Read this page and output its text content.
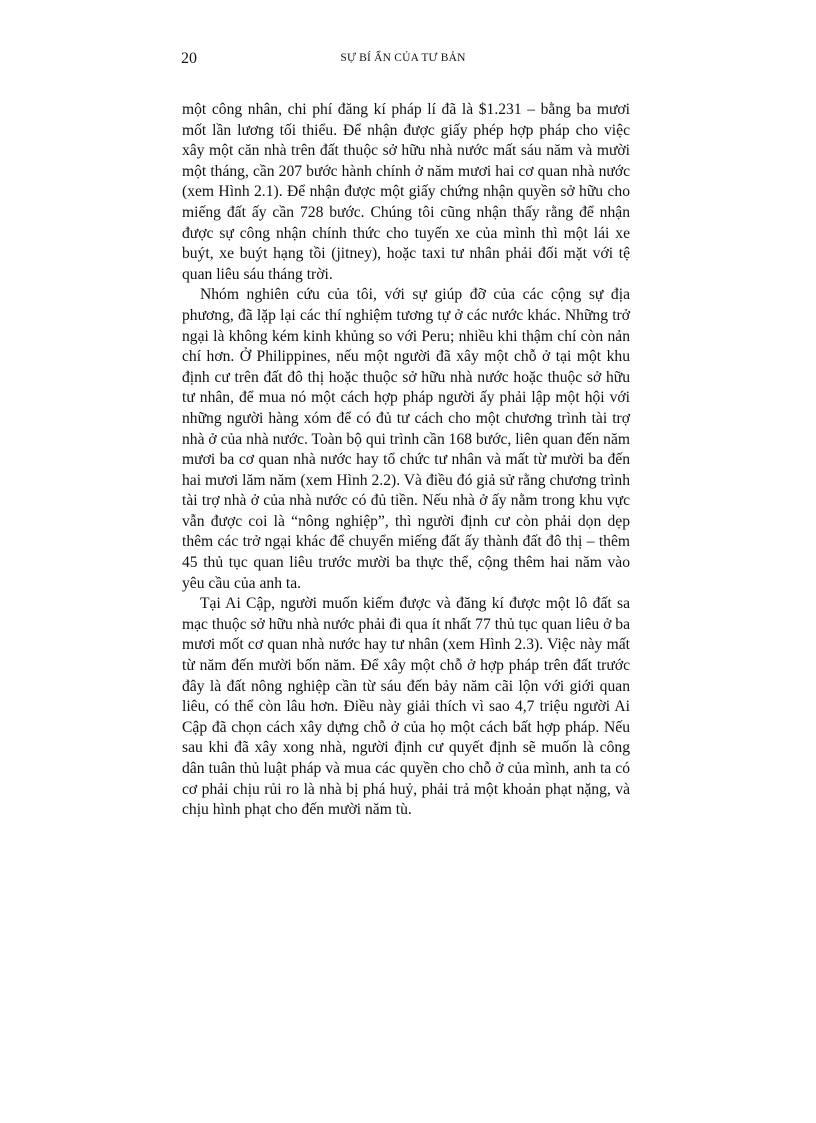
20	SỰ BÍ ẨN CỦA TƯ BẢN

một công nhân, chi phí đăng kí pháp lí đã là $1.231 – bằng ba mươi mốt lần lương tối thiểu. Để nhận được giấy phép hợp pháp cho việc xây một căn nhà trên đất thuộc sở hữu nhà nước mất sáu năm và mười một tháng, cần 207 bước hành chính ở năm mươi hai cơ quan nhà nước (xem Hình 2.1). Để nhận được một giấy chứng nhận quyền sở hữu cho miếng đất ấy cần 728 bước. Chúng tôi cũng nhận thấy rằng để nhận được sự công nhận chính thức cho tuyến xe của mình thì một lái xe buýt, xe buýt hạng tồi (jitney), hoặc taxi tư nhân phải đối mặt với tệ quan liêu sáu tháng trời.

Nhóm nghiên cứu của tôi, với sự giúp đỡ của các cộng sự địa phương, đã lặp lại các thí nghiệm tương tự ở các nước khác. Những trở ngại là không kém kinh khủng so với Peru; nhiều khi thậm chí còn nản chí hơn. Ở Philippines, nếu một người đã xây một chỗ ở tại một khu định cư trên đất đô thị hoặc thuộc sở hữu nhà nước hoặc thuộc sở hữu tư nhân, để mua nó một cách hợp pháp người ấy phải lập một hội với những người hàng xóm để có đủ tư cách cho một chương trình tài trợ nhà ở của nhà nước. Toàn bộ qui trình cần 168 bước, liên quan đến năm mươi ba cơ quan nhà nước hay tổ chức tư nhân và mất từ mười ba đến hai mươi lăm năm (xem Hình 2.2). Và điều đó giả sử rằng chương trình tài trợ nhà ở của nhà nước có đủ tiền. Nếu nhà ở ấy nằm trong khu vực vẫn được coi là “nông nghiệp”, thì người định cư còn phải dọn dẹp thêm các trở ngại khác để chuyển miếng đất ấy thành đất đô thị – thêm 45 thủ tục quan liêu trước mười ba thực thể, cộng thêm hai năm vào yêu cầu của anh ta.

Tại Ai Cập, người muốn kiếm được và đăng kí được một lô đất sa mạc thuộc sở hữu nhà nước phải đi qua ít nhất 77 thủ tục quan liêu ở ba mươi mốt cơ quan nhà nước hay tư nhân (xem Hình 2.3). Việc này mất từ năm đến mười bốn năm. Để xây một chỗ ở hợp pháp trên đất trước đây là đất nông nghiệp cần từ sáu đến bảy năm cãi lộn với giới quan liêu, có thể còn lâu hơn. Điều này giải thích vì sao 4,7 triệu người Ai Cập đã chọn cách xây dựng chỗ ở của họ một cách bất hợp pháp. Nếu sau khi đã xây xong nhà, người định cư quyết định sẽ muốn là công dân tuân thủ luật pháp và mua các quyền cho chỗ ở của mình, anh ta có cơ phải chịu rủi ro là nhà bị phá huỷ, phải trả một khoản phạt nặng, và chịu hình phạt cho đến mười năm tù.
